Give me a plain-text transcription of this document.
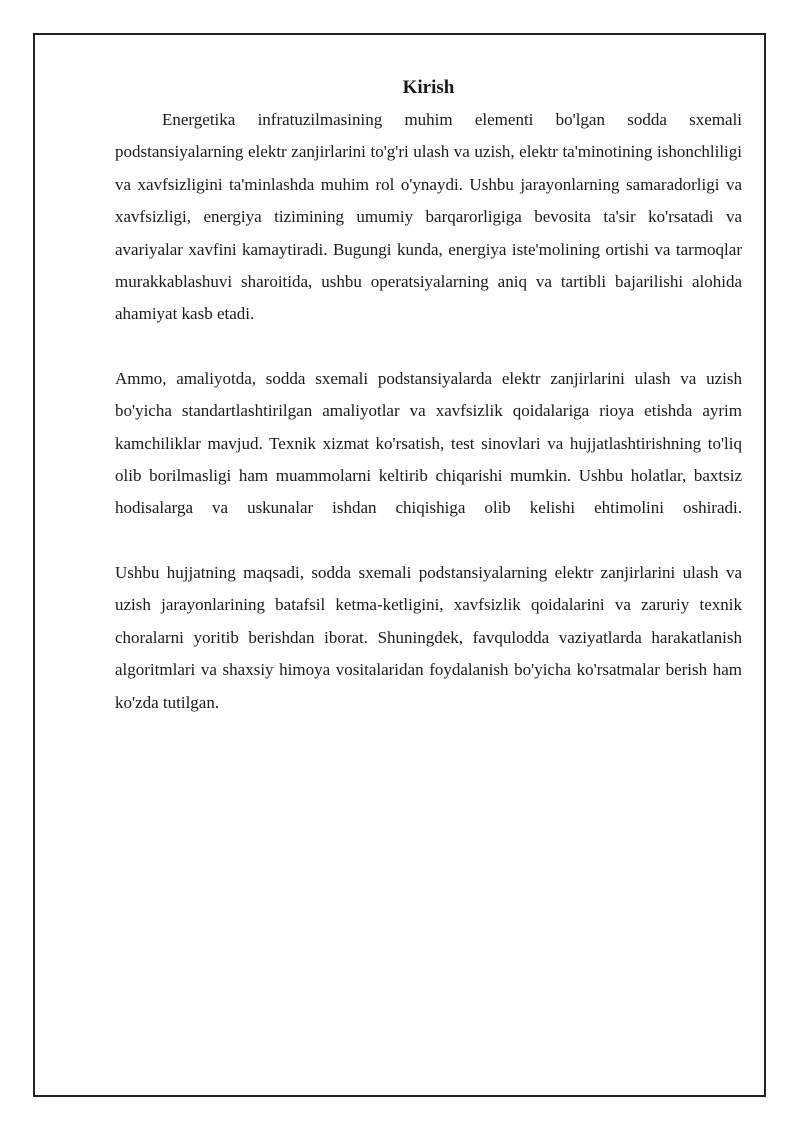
Kirish

Energetika infratuzilmasining muhim elementi bo'lgan sodda sxemali podstansiyalarning elektr zanjirlarini to'g'ri ulash va uzish, elektr ta'minotining ishonchliligi va xavfsizligini ta'minlashda muhim rol o'ynaydi. Ushbu jarayonlarning samaradorligi va xavfsizligi, energiya tizimining umumiy barqarorligiga bevosita ta'sir ko'rsatadi va avariyalar xavfini kamaytiradi. Bugungi kunda, energiya iste'molining ortishi va tarmoqlar murakkablashuvi sharoitida, ushbu operatsiyalarning aniq va tartibli bajarilishi alohida ahamiyat kasb etadi.

Ammo, amaliyotda, sodda sxemali podstansiyalarda elektr zanjirlarini ulash va uzish bo'yicha standartlashtirilgan amaliyotlar va xavfsizlik qoidalariga rioya etishda ayrim kamchiliklar mavjud. Texnik xizmat ko'rsatish, test sinovlari va hujjatlashtirishning to'liq olib borilmasligi ham muammolarni keltirib chiqarishi mumkin. Ushbu holatlar, baxtsiz hodisalarga va uskunalar ishdan chiqishiga olib kelishi ehtimolini oshiradi.

Ushbu hujjatning maqsadi, sodda sxemali podstansiyalarning elektr zanjirlarini ulash va uzish jarayonlarining batafsil ketma-ketligini, xavfsizlik qoidalarini va zaruriy texnik choralarni yoritib berishdan iborat. Shuningdek, favqulodda vaziyatlarda harakatlanish algoritmlari va shaxsiy himoya vositalaridan foydalanish bo'yicha ko'rsatmalar berish ham ko'zda tutilgan.
